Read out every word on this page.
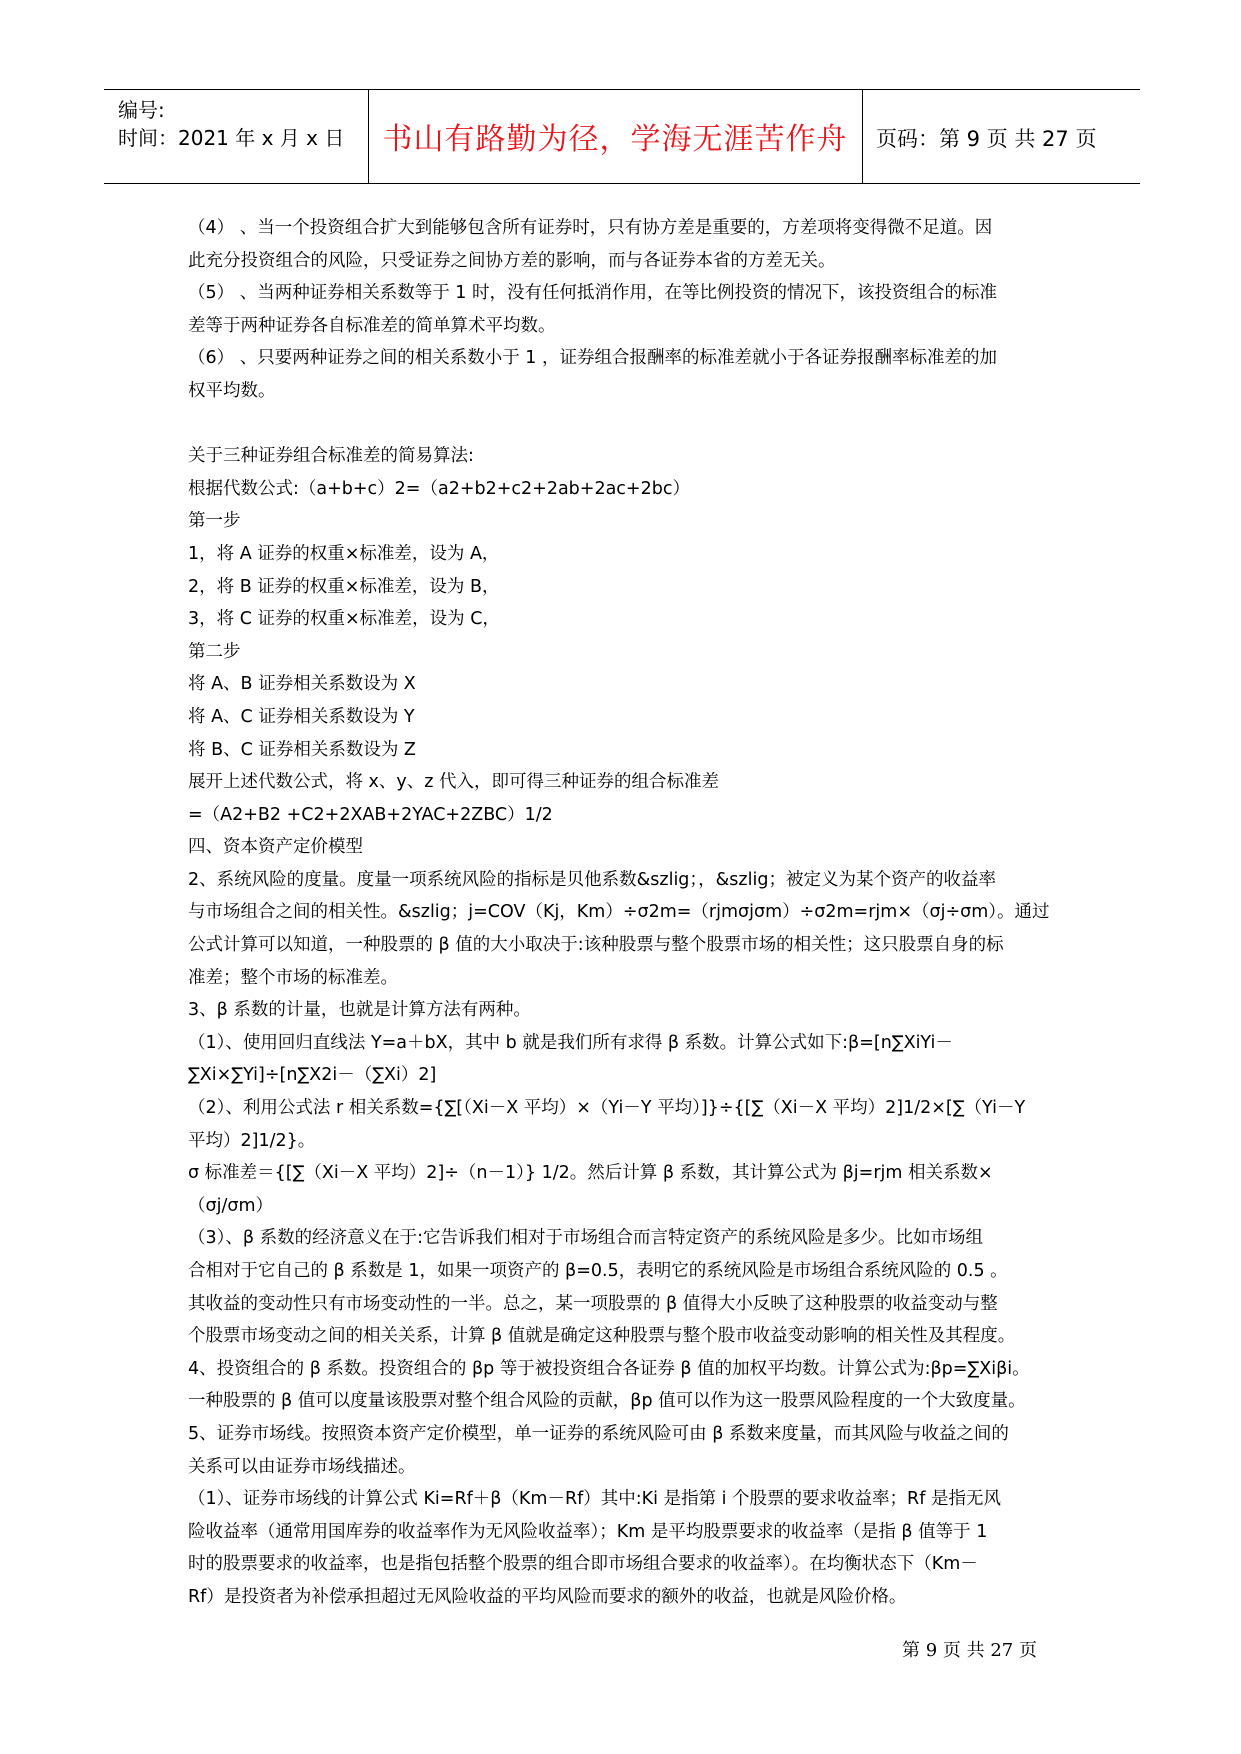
编号:
时间：2021 年 x 月 x 日	书山有路勤为径，学海无涯苦作舟	页码：第 9 页 共 27 页

（4） 、当一个投资组合扩大到能够包含所有证券时，只有协方差是重要的，方差项将变得微不足道。因

此充分投资组合的风险，只受证券之间协方差的影响，而与各证券本省的方差无关。

（5） 、当两种证券相关系数等于 1 时，没有任何抵消作用，在等比例投资的情况下，该投资组合的标准

差等于两种证券各自标准差的简单算术平均数。

（6） 、只要两种证券之间的相关系数小于 1 ，证券组合报酬率的标准差就小于各证券报酬率标准差的加

权平均数。

关于三种证券组合标准差的简易算法:

根据代数公式:（a+b+c）2=（a2+b2+c2+2ab+2ac+2bc）

第一步

1，将 A 证券的权重×标准差，设为 A，

2，将 B 证券的权重×标准差，设为 B，

3，将 C 证券的权重×标准差，设为 C，

第二步

将 A、B 证券相关系数设为 X

将 A、C 证券相关系数设为 Y

将 B、C 证券相关系数设为 Z

展开上述代数公式，将 x、y、z 代入，即可得三种证券的组合标准差

=（A2+B2 +C2+2XAB+2YAC+2ZBC）1/2

四、资本资产定价模型

2、系统风险的度量。度量一项系统风险的指标是贝他系数&szlig；，&szlig；被定义为某个资产的收益率

与市场组合之间的相关性。&szlig；j=COV（Kj，Km）÷σ2m=（rjmσjσm）÷σ2m=rjm×（σj÷σm）。通过

公式计算可以知道，一种股票的 β 值的大小取决于:该种股票与整个股票市场的相关性；这只股票自身的标

准差；整个市场的标准差。

3、β 系数的计量，也就是计算方法有两种。

（1）、使用回归直线法 Y=a＋bX，其中 b 就是我们所有求得 β 系数。计算公式如下:β=[n∑XiYi－

∑Xi×∑Yi]÷[n∑X2i－（∑Xi）2]

（2）、利用公式法 r 相关系数={∑[（Xi－X 平均）×（Yi－Y 平均）]}÷{[∑（Xi－X 平均）2]1/2×[∑（Yi－Y

平均）2]1/2}。

σ 标准差＝{[∑（Xi－X 平均）2]÷（n－1）} 1/2。然后计算 β 系数，其计算公式为 βj=rjm 相关系数×

（σj/σm）

（3）、β 系数的经济意义在于:它告诉我们相对于市场组合而言特定资产的系统风险是多少。比如市场组

合相对于它自己的 β 系数是 1，如果一项资产的 β=0.5，表明它的系统风险是市场组合系统风险的 0.5 。

其收益的变动性只有市场变动性的一半。总之，某一项股票的 β 值得大小反映了这种股票的收益变动与整

个股票市场变动之间的相关关系，计算 β 值就是确定这种股票与整个股市收益变动影响的相关性及其程度。

4、投资组合的 β 系数。投资组合的 βp 等于被投资组合各证券 β 值的加权平均数。计算公式为:βp=∑Xiβi。

一种股票的 β 值可以度量该股票对整个组合风险的贡献，βp 值可以作为这一股票风险程度的一个大致度量。

5、证券市场线。按照资本资产定价模型，单一证券的系统风险可由 β 系数来度量，而其风险与收益之间的

关系可以由证券市场线描述。

（1）、证券市场线的计算公式 Ki=Rf＋β（Km－Rf）其中:Ki 是指第 i 个股票的要求收益率；Rf 是指无风

险收益率（通常用国库券的收益率作为无风险收益率）；Km 是平均股票要求的收益率（是指 β 值等于 1

时的股票要求的收益率，也是指包括整个股票的组合即市场组合要求的收益率）。在均衡状态下（Km－

Rf）是投资者为补偿承担超过无风险收益的平均风险而要求的额外的收益，也就是风险价格。

第 9 页 共 27 页
